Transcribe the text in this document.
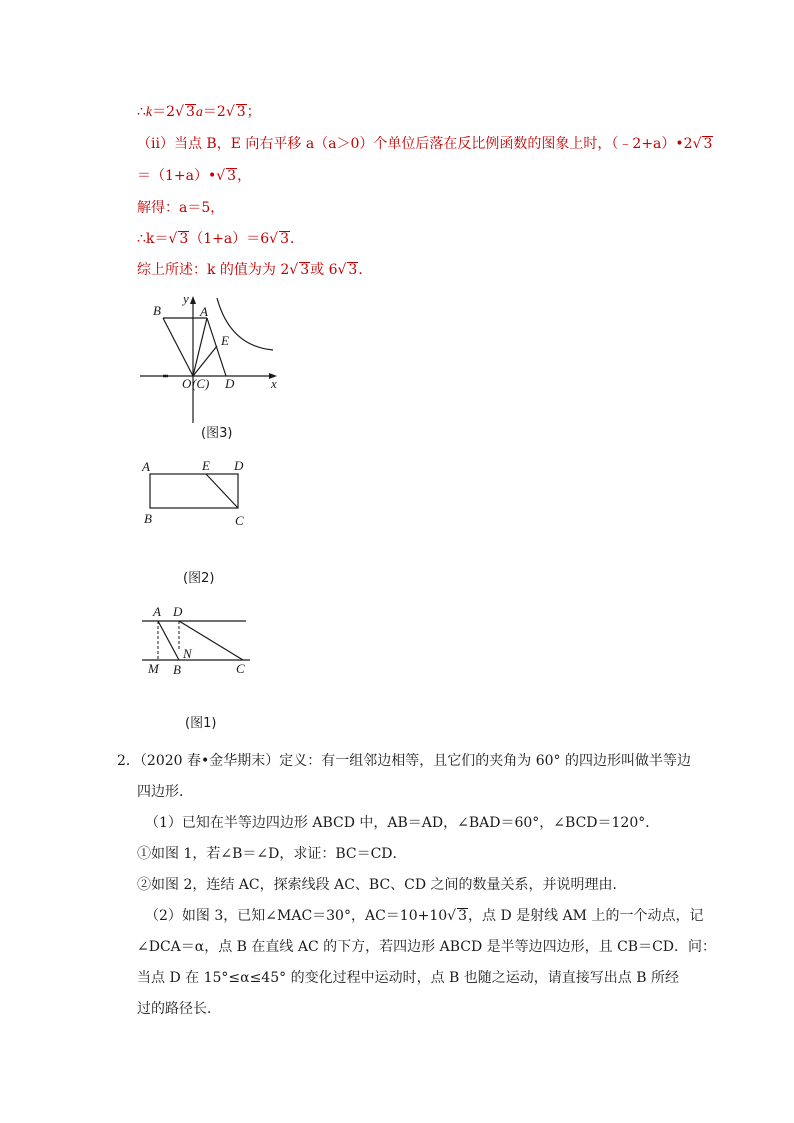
∴k＝2√ 3a＝2√ 3；
（ii）当点 B，E 向右平移 a（a＞0）个单位后落在反比例函数的图象上时，（﹣2+a）•2√ 3
＝（1+a）•√ 3，
解得：a＝5，
∴k＝√ 3（1+a）＝6√ 3．
综上所述：k 的值为为 2√ 3或 6√ 3．
B	A
E
O (C) D	x
y
(图3)
A	E D
B	C
(图2)
A D
N
M B	C
(图1)
2．（2020 春•金华期末）定义：有一组邻边相等，且它们的夹角为 60° 的四边形叫做半等边
四边形．
（1）已知在半等边四边形 ABCD 中，AB＝AD，∠BAD＝60°，∠BCD＝120°．
①如图 1，若∠B＝∠D，求证：BC＝CD．
②如图 2，连结 AC，探索线段 AC、BC、CD 之间的数量关系，并说明理由．
（2）如图 3，已知∠MAC＝30°，AC＝10+10√ 3，点 D 是射线 AM 上的一个动点，记
∠DCA＝α，点 B 在直线 AC 的下方，若四边形 ABCD 是半等边四边形，且 CB＝CD．问：
当点 D 在 15°≤α≤45° 的变化过程中运动时，点 B 也随之运动，请直接写出点 B 所经
过的路径长．
